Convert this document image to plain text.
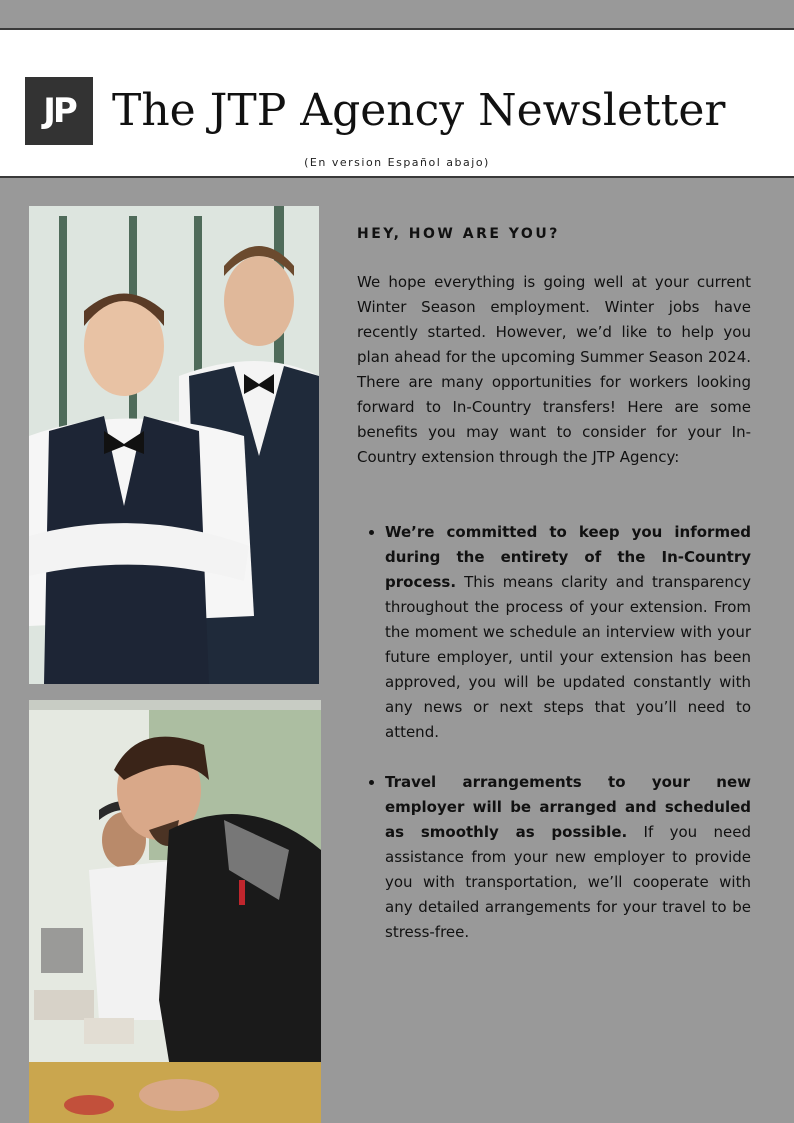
JP The JTP Agency Newsletter
(En version Español abajo)
HEY, HOW ARE YOU?

We hope everything is going well at your current Winter Season employment. Winter jobs have recently started. However, we’d like to help you plan ahead for the upcoming Summer Season 2024. There are many opportunities for workers looking forward to In-Country transfers! Here are some benefits you may want to consider for your In-Country extension through the JTP Agency:

• We’re committed to keep you informed during the entirety of the In-Country process. This means clarity and transparency throughout the process of your extension. From the moment we schedule an interview with your future employer, until your extension has been approved, you will be updated constantly with any news or next steps that you’ll need to attend.
• Travel arrangements to your new employer will be arranged and scheduled as smoothly as possible. If you need assistance from your new employer to provide you with transportation, we’ll cooperate with any detailed arrangements for your travel to be stress-free.
